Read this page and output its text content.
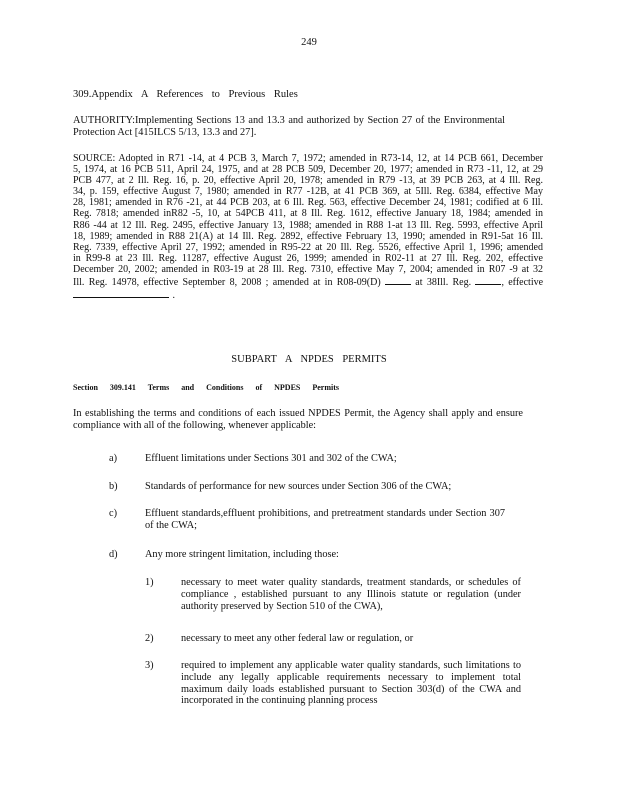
249
309.Appendix A References to Previous Rules
AUTHORITY:Implementing Sections 13 and 13.3 and authorized by Section 27 of the Environmental Protection Act [415ILCS 5/13, 13.3 and 27].
SOURCE: Adopted in R71 -14, at 4 PCB 3, March 7, 1972; amended in R73-14, 12, at 14 PCB 661, December 5, 1974, at 16 PCB 511, April 24, 1975, and at 28 PCB 509, December 20, 1977; amended in R73 -11, 12, at 29 PCB 477, at 2 Ill. Reg. 16, p. 20, effective April 20, 1978; amended in R79 -13, at 39 PCB 263, at 4 Ill. Reg. 34, p. 159, effective August 7, 1980; amended in R77 -12B, at 41 PCB 369, at 5Ill. Reg. 6384, effective May 28, 1981; amended in R76 -21, at 44 PCB 203, at 6 Ill. Reg. 563, effective December 24, 1981; codified at 6 Ill. Reg. 7818; amended inR82 -5, 10, at 54PCB 411, at 8 Ill. Reg. 1612, effective January 18, 1984; amended in R86 -44 at 12 Ill. Reg. 2495, effective January 13, 1988; amended in R88 1-at 13 Ill. Reg. 5993, effective April 18, 1989; amended in R88 21(A) at 14 Ill. Reg. 2892, effective February 13, 1990; amended in R91-5at 16 Ill. Reg. 7339, effective April 27, 1992; amended in R95-22 at 20 Ill. Reg. 5526, effective April 1, 1996; amended in R99-8 at 23 Ill. Reg. 11287, effective August 26, 1999; amended in R02-11 at 27 Ill. Reg. 202, effective December 20, 2002; amended in R03-19 at 28 Ill. Reg. 7310, effective May 7, 2004; amended in R07 -9 at 32 Ill. Reg. 14978, effective September 8, 2008 ; amended at in R08-09(D)	at 38Ill. Reg.	, effective  .
SUBPART A NPDES PERMITS
Section 309.141 Terms and Conditions of NPDES Permits
In establishing the terms and conditions of each issued NPDES Permit, the Agency shall apply and ensure compliance with all of the following, whenever applicable:
a)	Effluent limitations under Sections 301 and 302 of the CWA;
b)	Standards of performance for new sources under Section 306 of the CWA;
c)	Effluent standards,effluent prohibitions, and pretreatment standards under Section 307 of the CWA;
d)	Any more stringent limitation, including those:
1)	necessary to meet water quality standards, treatment standards, or schedules of compliance , established pursuant to any Illinois statute or regulation (under authority preserved by Section 510 of the CWA),
2)	necessary to meet any other federal law or regulation, or
3)	required to implement any applicable water quality standards, such limitations to include any legally applicable requirements necessary to implement total maximum daily loads established pursuant to Section 303(d) of the CWA and incorporated in the continuing planning process
